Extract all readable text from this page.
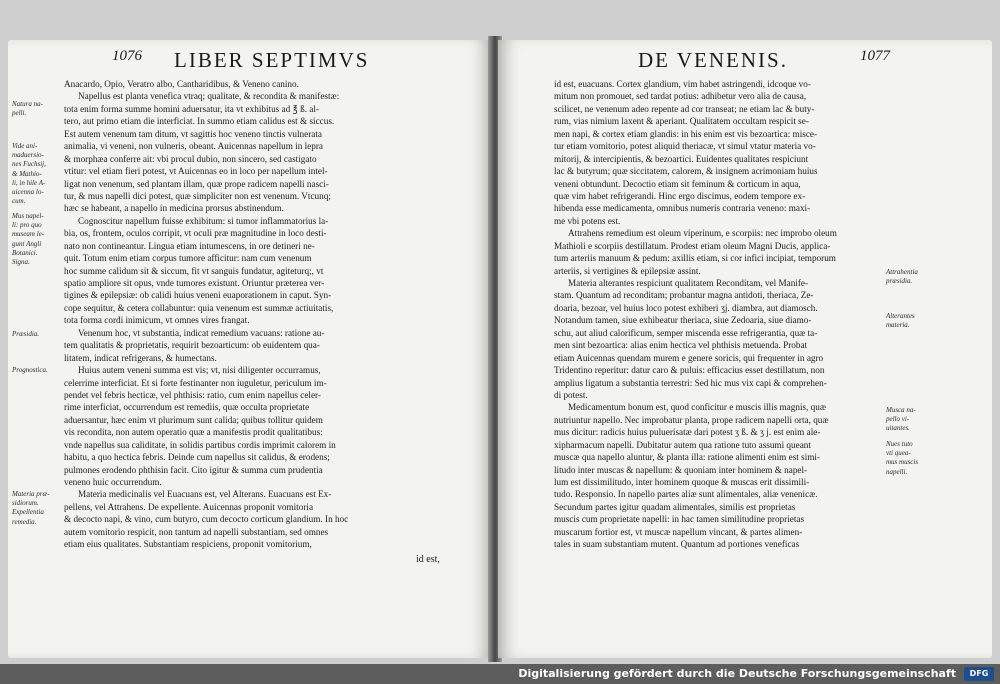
1076 LIBER SEPTIMVS
Anacardo, Opio, Veratro albo, Cantharidibus, & Veneno canino.
Napellus est planta venefica vtraq; qualitate, & recondita & manifestæ:
tota enim forma summe homini aduersatur, ita vt exhibitus ad ℥ ß. al-
tero, aut primo etiam die interficiat. In summo etiam calidus est & siccus.
Est autem venenum tam ditum, vt sagittis hoc veneno tinctis vulnerata
animalia, vi veneni, non vulneris, obeant. Auicennas napellum in lepra
& morphæa conferre ait: vbi procul dubio, non sincero, sed castigato
vtitur: vel etiam fieri potest, vt Auicennas eo in loco per napellum intel-
ligat non venenum, sed plantam illam, quæ prope radicem napelli nasci-
tur, & mus napelli dici potest, quæ simpliciter non est venenum. Vtcunq;
hæc se habeant, a napello in medicina prorsus abstinendum.
Cognoscitur napellum fuisse exhibitum: si tumor inflammatorius la-
bia, os, frontem, oculos corripit, vt oculi præ magnitudine in loco desti-
nato non contineantur. Lingua etiam intumescens, in ore detineri ne-
quit. Totum enim etiam corpus tumore afficitur: nam cum venenum
hoc summe calidum sit & siccum, fit vt sanguis fundatur, agiteturq;, vt
spatio ampliore sit opus, vnde tumores existunt. Oriuntur præterea ver-
tigines & epilepsiæ: ob calidi huius veneni euaporationem in caput. Syn-
cope sequitur, & cetera collabuntur: quia venenum est summæ actiuitatis,
tota forma cordi inimicum, vt omnes vires frangat.
Venenum hoc, vt substantia, indicat remedium vacuans: ratione au-
tem qualitatis & proprietatis, requirit bezoarticum: ob euidentem qua-
litatem, indicat refrigerans, & humectans.
Huius autem veneni summa est vis; vt, nisi diligenter occurramus,
celerrime interficiat. Et si forte festinanter non iuguletur, periculum im-
pendet vel febris hecticæ, vel phthisis: ratio, cum enim napellus celer-
rime interficiat, occurrendum est remediis, quæ occulta proprietate
aduersantur, hæc enim vt plurimum sunt calida; quibus tollitur quidem
vis recondita, non autem operatio quæ a manifestis prodit qualitatibus:
vnde napellus sua caliditate, in solidis partibus cordis imprimit calorem in
habitu, a quo hectica febris. Deinde cum napellus sit calidus, & erodens;
pulmones erodendo phthisin facit. Cito igitur & summa cum prudentia
veneno huic occurrendum.
Materia medicinalis vel Euacuans est, vel Alterans. Euacuans est Ex-
pellens, vel Attrahens. De expellente. Auicennas proponit vomitoria
& decocto napi, & vino, cum butyro, cum decocto corticum glandium. In hoc
autem vomitorio respicit, non tantum ad napelli substantiam, sed omnes
etiam eius qualitates. Substantiam respiciens, proponit vomitorium,
id est,
Natura na-
pelli.
Vide ani-
maduersio-
nes Fuchsij,
& Mathio-
li, in hile A-
uicenna lo-
cum.
Mus napel-
li: pro quo
museam le-
gunt Angli
Botanici.
Signa.
Præsidia.
Prognostica.
Materia præ-
sidiorum.
Expellentia
remedia.
DE VENENIS.	1077
id est, euacuans. Cortex glandium, vim habet astringendi, idcoque vo-
mitum non promouet, sed tardat potius: adhibetur vero alia de causa,
scilicet, ne venenum adeo repente ad cor transeat; ne etiam lac & buty-
rum, vias nimium laxent & aperiant. Qualitatem occultam respicit se-
men napi, & cortex etiam glandis: in his enim est vis bezoartica: misce-
tur etiam vomitorio, potest aliquid theriacæ, vt simul vtatur materia vo-
mitorij, & intercipientis, & bezoartici. Euidentes qualitates respiciunt
lac & butyrum; quæ siccitatem, calorem, & insignem acrimoniam huius
veneni obtundunt. Decoctio etiam sit feminum & corticum in aqua,
quæ vim habet refrigerandi. Hinc ergo discimus, eodem tempore ex-
hibenda esse medicamenta, omnibus numeris contraria veneno: maxi-
me vbi potens est.
Attrahens remedium est oleum viperinum, e scorpiis: nec improbo oleum
Mathioli e scorpiis destillatum. Prodest etiam oleum Magni Ducis, applica-
tum arteriis manuum & pedum: axillis etiam, si cor infici incipiat, temporum
arteriis, si vertigines & epilepsiæ assint.
Materia alterantes respiciunt qualitatem Reconditam, vel Manife-
stam. Quantum ad reconditam; probantur magna antidoti, theriaca, Ze-
doaria, bezoar, vel huius loco potest exhiberi ʒj. diambra, aut diamosch.
Notandum tamen, siue exhibeatur theriaca, siue Zedoaria, siue diamo-
schu, aut aliud calorificum, semper miscenda esse refrigerantia, quæ ta-
men sint bezoartica: alias enim hectica vel phthisis metuenda. Probat
etiam Auicennas quendam murem e genere soricis, qui frequenter in agro
Tridentino reperitur: datur caro & puluis: efficacius esset destillatum, non
amplius ligatum a substantia terrestri: Sed hic mus vix capi & comprehen-
di potest.
Medicamentum bonum est, quod conficitur e muscis illis magnis, quæ
nutriuntur napello. Nec improbatur planta, prope radicem napelli orta, quæ
mus dicitur: radicis huius puluerisatæ dari potest ʒ ß. & ʒ j. est enim ale-
xipharmacum napelli. Dubitatur autem qua ratione tuto assumi queant
muscæ qua napello aluntur, & planta illa: ratione alimenti enim est simi-
litudo inter muscas & napellum: & quoniam inter hominem & napel-
lum est dissimilitudo, inter hominem quoque & muscas erit dissimili-
tudo. Responsio. In napello partes aliæ sunt alimentales, aliæ venenicæ.
Secundum partes igitur quadam alimentales, similis est proprietas
muscis cum proprietate napelli: in hac tamen similitudine proprietas
muscarum fortior est, vt muscæ napellum vincant, & partes alimen-
tales in suam substantiam mutent. Quantum ad portiones veneficas
Attrahentia
præsidia.
Alterantes
materia.
Musca na-
pello vi-
uitantes.
Nues tuto
vti quea-
mus muscis
napelli.
Digitalisierung gefördert durch die Deutsche Forschungsgemeinschaft	DFG
